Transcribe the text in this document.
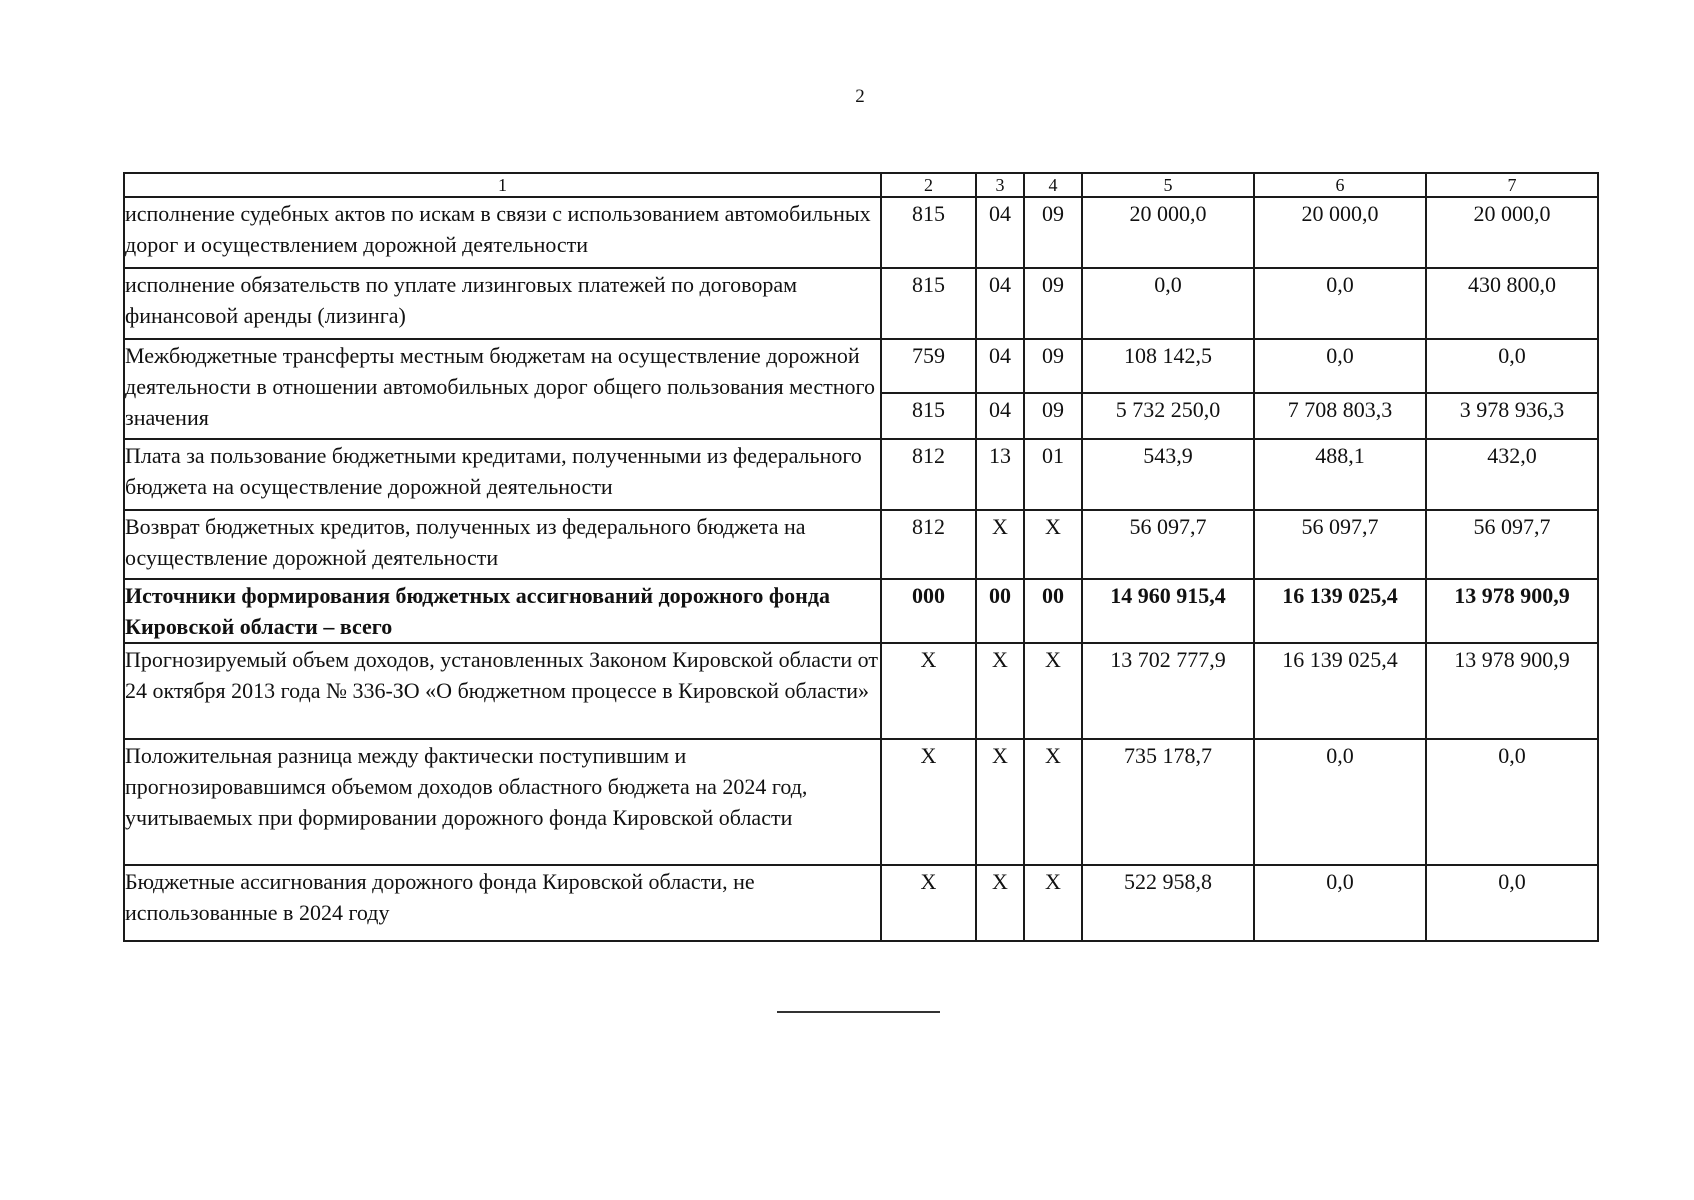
2
1	2	3	4	5	6	7
исполнение судебных актов по искам в связи с использованием автомобильных дорог и осуществлением дорожной деятельности	815	04	09	20 000,0	20 000,0	20 000,0
исполнение обязательств по уплате лизинговых платежей по договорам финансовой аренды (лизинга)	815	04	09	0,0	0,0	430 800,0
Межбюджетные трансферты местным бюджетам на осуществление дорожной деятельности в отношении автомобильных дорог общего пользования местного значения	759	04	09	108 142,5	0,0	0,0
	815	04	09	5 732 250,0	7 708 803,3	3 978 936,3
Плата за пользование бюджетными кредитами, полученными из федерального бюджета на осуществление дорожной деятельности	812	13	01	543,9	488,1	432,0
Возврат бюджетных кредитов, полученных из федерального бюджета на осуществление дорожной деятельности	812	Х	Х	56 097,7	56 097,7	56 097,7
Источники формирования бюджетных ассигнований дорожного фонда Кировской области – всего	000	00	00	14 960 915,4	16 139 025,4	13 978 900,9
Прогнозируемый объем доходов, установленных Законом Кировской области от 24 октября 2013 года № 336-ЗО «О бюджетном процессе в Кировской области»	Х	Х	Х	13 702 777,9	16 139 025,4	13 978 900,9
Положительная разница между фактически поступившим и прогнозировавшимся объемом доходов областного бюджета на 2024 год, учитываемых при формировании дорожного фонда Кировской области	Х	Х	Х	735 178,7	0,0	0,0
Бюджетные ассигнования дорожного фонда Кировской области, не использованные в 2024 году	Х	Х	Х	522 958,8	0,0	0,0
